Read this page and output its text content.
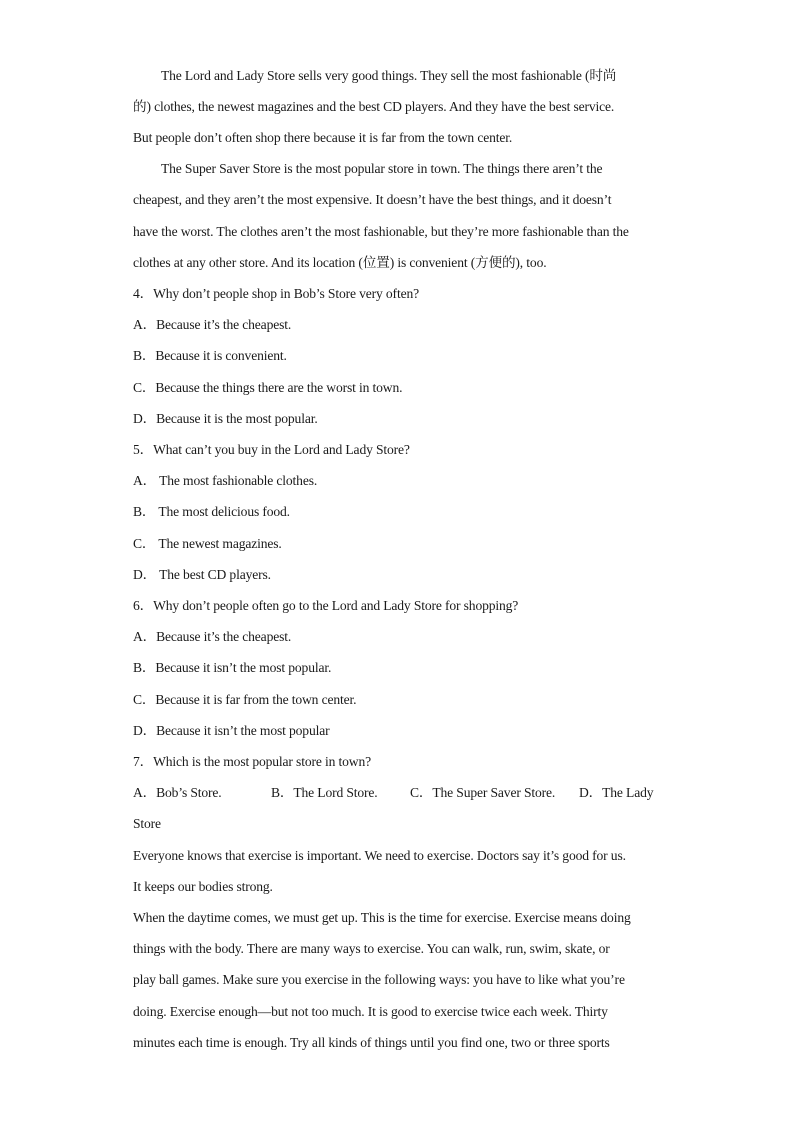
The Lord and Lady Store sells very good things. They sell the most fashionable (时尚
的) clothes, the newest magazines and the best CD players. And they have the best service.
But people don’t often shop there because it is far from the town center.
The Super Saver Store is the most popular store in town. The things there aren’t the
cheapest, and they aren’t the most expensive. It doesn’t have the best things, and it doesn’t
have the worst. The clothes aren’t the most fashionable, but they’re more fashionable than the
clothes at any other store. And its location (位置) is convenient (方便的), too.
4．Why don’t people shop in Bob’s Store very often?
A．Because it’s the cheapest.
B．Because it is convenient.
C．Because the things there are the worst in town.
D．Because it is the most popular.
5．What can’t you buy in the Lord and Lady Store?
A． The most fashionable clothes.
B． The most delicious food.
C． The newest magazines.
D． The best CD players.
6．Why don’t people often go to the Lord and Lady Store for shopping?
A．Because it’s the cheapest.
B．Because it isn’t the most popular.
C．Because it is far from the town center.
D．Because it isn’t the most popular
7．Which is the most popular store in town?
A．Bob’s Store.	B．The Lord Store. C．The Super Saver Store. D．The Lady
Store
Everyone knows that exercise is important. We need to exercise. Doctors say it’s good for us.
It keeps our bodies strong.
When the daytime comes, we must get up. This is the time for exercise. Exercise means doing
things with the body. There are many ways to exercise. You can walk, run, swim, skate, or
play ball games. Make sure you exercise in the following ways: you have to like what you’re
doing. Exercise enough—but not too much. It is good to exercise twice each week. Thirty
minutes each time is enough. Try all kinds of things until you find one, two or three sports
